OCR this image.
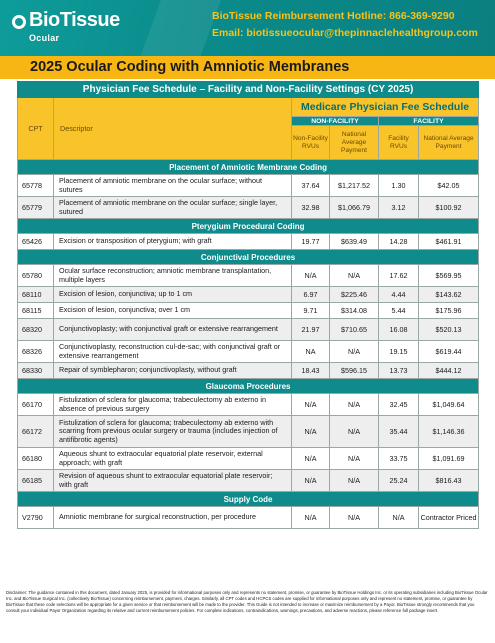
BioTissue
Ocular
BioTissue Reimbursement Hotline: 866-369-9290
Email: biotissueocular@thepinnaclehealthgroup.com
2025 Ocular Coding with Amniotic Membranes
Physician Fee Schedule – Facility and Non-Facility Settings (CY 2025)					
CPT	Descriptor	Medicare Physician Fee Schedule			
		NON-FACILITY		FACILITY	
		Non-Facility RVUs	National Average Payment	Facility RVUs	National Average Payment
Placement of Amniotic Membrane Coding					
65778	Placement of amniotic membrane on the ocular surface; without sutures	37.64	$1,217.52	1.30	$42.05
65779	Placement of amniotic membrane on the ocular surface; single layer, sutured	32.98	$1,066.79	3.12	$100.92
Pterygium Procedural Coding					
65426	Excision or transposition of pterygium; with graft	19.77	$639.49	14.28	$461.91
Conjunctival Procedures					
65780	Ocular surface reconstruction; amniotic membrane transplantation, multiple layers	N/A	N/A	17.62	$569.95
68110	Excision of lesion, conjunctiva; up to 1 cm	6.97	$225.46	4.44	$143.62
68115	Excision of lesion, conjunctiva; over 1 cm	9.71	$314.08	5.44	$175.96
68320	Conjunctivoplasty; with conjunctival graft or extensive rearrangement	21.97	$710.65	16.08	$520.13
68326	Conjunctivoplasty, reconstruction cul-de-sac; with conjunctival graft or extensive rearrangement	NA	N/A	19.15	$619.44
68330	Repair of symblepharon; conjunctivoplasty, without graft	18.43	$596.15	13.73	$444.12
Glaucoma Procedures					
66170	Fistulization of sclera for glaucoma; trabeculectomy ab externo in absence of previous surgery	N/A	N/A	32.45	$1,049.64
66172	Fistulization of sclera for glaucoma; trabeculectomy ab externo with scarring from previous ocular surgery or trauma (includes injection of antifibrotic agents)	N/A	N/A	35.44	$1,146.36
66180	Aqueous shunt to extraocular equatorial plate reservoir, external approach; with graft	N/A	N/A	33.75	$1,091.69
66185	Revision of aqueous shunt to extraocular equatorial plate reservoir; with graft	N/A	N/A	25.24	$816.43
Supply Code					
V2790	Amniotic membrane for surgical reconstruction, per procedure	N/A	N/A	N/A	Contractor Priced
Disclaimer: The guidance contained in this document, dated January 2025, is provided for informational purposes only and represents no statement, promise, or guarantee by BioTissue Holdings Inc. or its operating subsidiaries including BioTissue Ocular Inc. and BioTissue Surgical Inc. (collectively BioTissue) concerning reimbursement, payment, charges. Similarly, all CPT codes and HCPCS codes are supplied for informational purposes only and represent no statement, promise, or guarantee by BioTissue that these code selections will be appropriate for a given service or that reimbursement will be made to the provider. This Guide is not intended to increase or maximize reimbursement by a Payor. BioTissue strongly recommends that you consult your individual Payor Organization regarding its relative and current reimbursement policies. For complete indications, contraindications, warnings, precautions, and adverse reactions, please reference full package insert.
